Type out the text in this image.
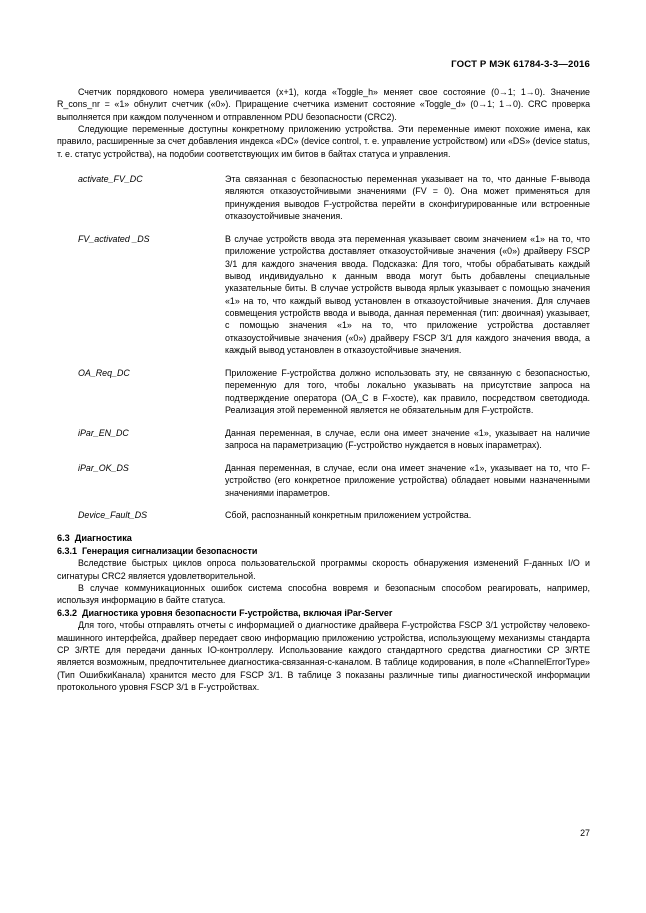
ГОСТ Р МЭК 61784-3-3—2016

Счетчик порядкового номера увеличивается (x+1), когда «Toggle_h» меняет свое состояние (0→1; 1→0). Значение R_cons_nr = «1» обнулит счетчик («0»). Приращение счетчика изменит состояние «Toggle_d» (0→1; 1→0). CRC проверка выполняется при каждом полученном и отправленном PDU безопасности (CRC2).

Следующие переменные доступны конкретному приложению устройства. Эти переменные имеют похожие имена, как правило, расширенные за счет добавления индекса «DC» (device control, т. е. управление устройством) или «DS» (device status, т. е. статус устройства), на подобии соответствующих им битов в байтах статуса и управления.

activate_FV_DC	Эта связанная с безопасностью переменная указывает на то, что данные F-вывода являются отказоустойчивыми значениями (FV = 0). Она может применяться для принуждения выводов F-устройства перейти в сконфигурированные или встроенные отказоустойчивые значения.
FV_activated _DS	В случае устройств ввода эта переменная указывает своим значением «1» на то, что приложение устройства доставляет отказоустойчивые значения («0») драйверу FSCP 3/1 для каждого значения ввода. Подсказка: Для того, чтобы обрабатывать каждый вывод индивидуально к данным ввода могут быть добавлены специальные указательные биты. В случае устройств вывода ярлык указывает с помощью значения «1» на то, что каждый вывод установлен в отказоустойчивые значения. Для случаев совмещения устройств ввода и вывода, данная переменная (тип: двоичная) указывает, с помощью значения «1» на то, что приложение устройства доставляет отказоустойчивые значения («0») драйверу FSCP 3/1 для каждого значения ввода, а каждый вывод установлен в отказоустойчивые значения.
OA_Req_DC	Приложение F-устройства должно использовать эту, не связанную с безопасностью, переменную для того, чтобы локально указывать на присутствие запроса на подтверждение оператора (OA_C в F-хосте), как правило, посредством светодиода. Реализация этой переменной является не обязательным для F-устройств.
iPar_EN_DC	Данная переменная, в случае, если она имеет значение «1», указывает на наличие запроса на параметризацию (F-устройство нуждается в новых iпараметрах).
iPar_OK_DS	Данная переменная, в случае, если она имеет значение «1», указывает на то, что F-устройство (его конкретное приложение устройства) обладает новыми назначенными значениями iпараметров.
Device_Fault_DS	Сбой, распознанный конкретным приложением устройства.
6.3 Диагностика
6.3.1 Генерация сигнализации безопасности

Вследствие быстрых циклов опроса пользовательской программы скорость обнаружения изменений F-данных I/O и сигнатуры CRC2 является удовлетворительной.

В случае коммуникационных ошибок система способна вовремя и безопасным способом реагировать, например, используя информацию в байте статуса.

6.3.2 Диагностика уровня безопасности F-устройства, включая iPar-Server

Для того, чтобы отправлять отчеты с информацией о диагностике драйвера F-устройства FSCP 3/1 устройству человеко-машинного интерфейса, драйвер передает свою информацию приложению устройства, использующему механизмы стандарта CP 3/RTE для передачи данных IO-контроллеру. Использование каждого стандартного средства диагностики CP 3/RTE является возможным, предпочтительнее диагностика-связанная-с-каналом. В таблице кодирования, в поле «ChannelErrorType» (Тип ОшибкиКанала) хранится место для FSCP 3/1. В таблице 3 показаны различные типы диагностической информации протокольного уровня FSCP 3/1 в F-устройствах.

27
